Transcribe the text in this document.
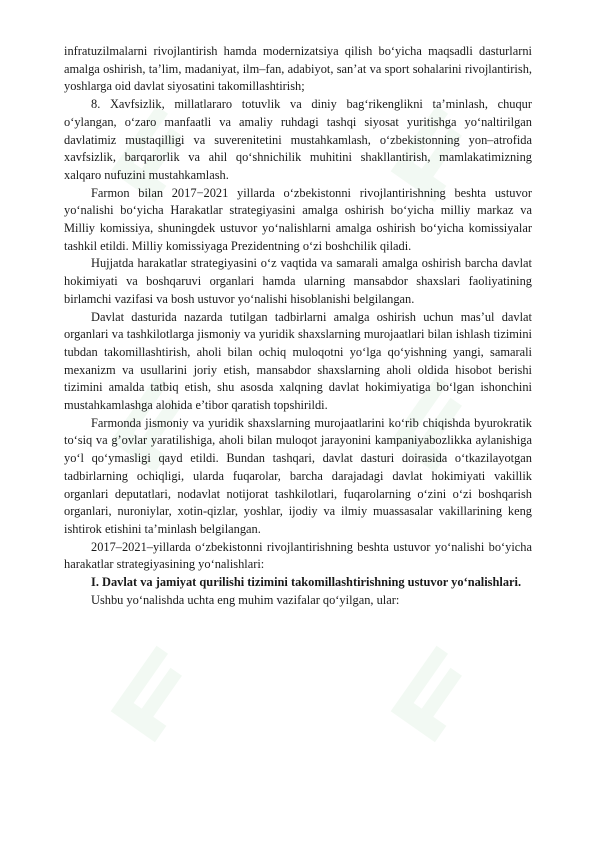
infratuzilmalarni rivojlantirish hamda modernizatsiya qilish bo‘yicha maqsadli dasturlarni amalga oshirish, ta’lim, madaniyat, ilm–fan, adabiyot, san’at va sport sohalarini rivojlantirish, yoshlarga oid davlat siyosatini takomillashtirish;

8. Xavfsizlik, millatlararo totuvlik va diniy bag‘rikenglikni ta’minlash, chuqur o‘ylangan, o‘zaro manfaatli va amaliy ruhdagi tashqi siyosat yuritishga yo‘naltirilgan davlatimiz mustaqilligi va suverenitetini mustahkamlash, o‘zbekistonning yon–atrofida xavfsizlik, barqarorlik va ahil qo‘shnichilik muhitini shakllantirish, mamlakatimizning xalqaro nufuzini mustahkamlash.

Farmon bilan 2017−2021 yillarda o‘zbekistonni rivojlantirishning beshta ustuvor yo‘nalishi bo‘yicha Harakatlar strategiyasini amalga oshirish bo‘yicha milliy markaz va Milliy komissiya, shuningdek ustuvor yo‘nalishlarni amalga oshirish bo‘yicha komissiyalar tashkil etildi. Milliy komissiyaga Prezidentning o‘zi boshchilik qiladi.

Hujjatda harakatlar strategiyasini o‘z vaqtida va samarali amalga oshirish barcha davlat hokimiyati va boshqaruvi organlari hamda ularning mansabdor shaxslari faoliyatining birlamchi vazifasi va bosh ustuvor yo‘nalishi hisoblanishi belgilangan.

Davlat dasturida nazarda tutilgan tadbirlarni amalga oshirish uchun mas’ul davlat organlari va tashkilotlarga jismoniy va yuridik shaxslarning murojaatlari bilan ishlash tizimini tubdan takomillashtirish, aholi bilan ochiq muloqotni yo‘lga qo‘yishning yangi, samarali mexanizm va usullarini joriy etish, mansabdor shaxslarning aholi oldida hisobot berishi tizimini amalda tatbiq etish, shu asosda xalqning davlat hokimiyatiga bo‘lgan ishonchini mustahkamlashga alohida e’tibor qaratish topshirildi.

Farmonda jismoniy va yuridik shaxslarning murojaatlarini ko‘rib chiqishda byurokratik to‘siq va g’ovlar yaratilishiga, aholi bilan muloqot jarayonini kampaniyabozlikka aylanishiga yo‘l qo‘ymasligi qayd etildi. Bundan tashqari, davlat dasturi doirasida o‘tkazilayotgan tadbirlarning ochiqligi, ularda fuqarolar, barcha darajadagi davlat hokimiyati vakillik organlari deputatlari, nodavlat notijorat tashkilotlari, fuqarolarning o‘zini o‘zi boshqarish organlari, nuroniylar, xotin-qizlar, yoshlar, ijodiy va ilmiy muassasalar vakillarining keng ishtirok etishini ta’minlash belgilangan.

2017–2021–yillarda o‘zbekistonni rivojlantirishning beshta ustuvor yo‘nalishi bo‘yicha harakatlar strategiyasining yo‘nalishlari:

I. Davlat va jamiyat qurilishi tizimini takomillashtirishning ustuvor yo‘nalishlari.

Ushbu yo‘nalishda uchta eng muhim vazifalar qo‘yilgan, ular:
